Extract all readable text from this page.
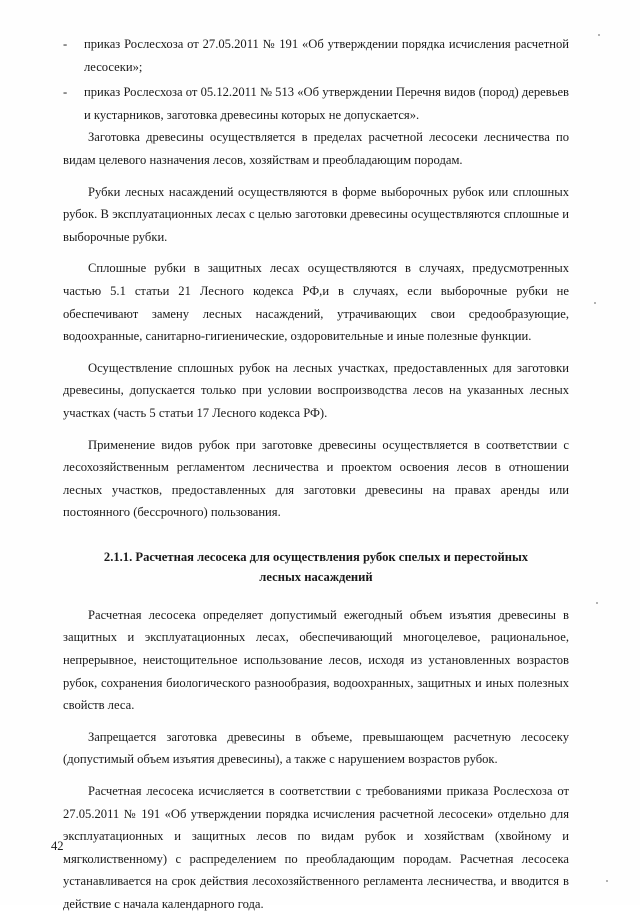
- приказ Рослесхоза от 27.05.2011 № 191 «Об утверждении порядка исчисления расчетной лесосеки»;

- приказ Рослесхоза от 05.12.2011 № 513 «Об утверждении Перечня видов (пород) деревьев и кустарников, заготовка древесины которых не допускается».

Заготовка древесины осуществляется в пределах расчетной лесосеки лесничества по видам целевого назначения лесов, хозяйствам и преобладающим породам.

Рубки лесных насаждений осуществляются в форме выборочных рубок или сплошных рубок. В эксплуатационных лесах с целью заготовки древесины осуществляются сплошные и выборочные рубки.

Сплошные рубки в защитных лесах осуществляются в случаях, предусмотренных частью 5.1 статьи 21 Лесного кодекса РФ,и в случаях, если выборочные рубки не обеспечивают замену лесных насаждений, утрачивающих свои средообразующие, водоохранные, санитарно-гигиенические, оздоровительные и иные полезные функции.

Осуществление сплошных рубок на лесных участках, предоставленных для заготовки древесины, допускается только при условии воспроизводства лесов на указанных лесных участках (часть 5 статьи 17 Лесного кодекса РФ).

Применение видов рубок при заготовке древесины осуществляется в соответствии с лесохозяйственным регламентом лесничества и проектом освоения лесов в отношении лесных участков, предоставленных для заготовки древесины на правах аренды или постоянного (бессрочного) пользования.

2.1.1. Расчетная лесосека для осуществления рубок спелых и перестойных лесных насаждений

Расчетная лесосека определяет допустимый ежегодный объем изъятия древесины в защитных и эксплуатационных лесах, обеспечивающий многоцелевое, рациональное, непрерывное, неистощительное использование лесов, исходя из установленных возрастов рубок, сохранения биологического разнообразия, водоохранных, защитных и иных полезных свойств леса.

Запрещается заготовка древесины в объеме, превышающем расчетную лесосеку (допустимый объем изъятия древесины), а также с нарушением возрастов рубок.

Расчетная лесосека исчисляется в соответствии с требованиями приказа Рослесхоза от 27.05.2011 № 191 «Об утверждении порядка исчисления расчетной лесосеки» отдельно для эксплуатационных и защитных лесов по видам рубок и хозяйствам (хвойному и мягколиственному) с распределением по преобладающим породам. Расчетная лесосека устанавливается на срок действия лесохозяйственного регламента лесничества, и вводится в действие с начала календарного года.

42
